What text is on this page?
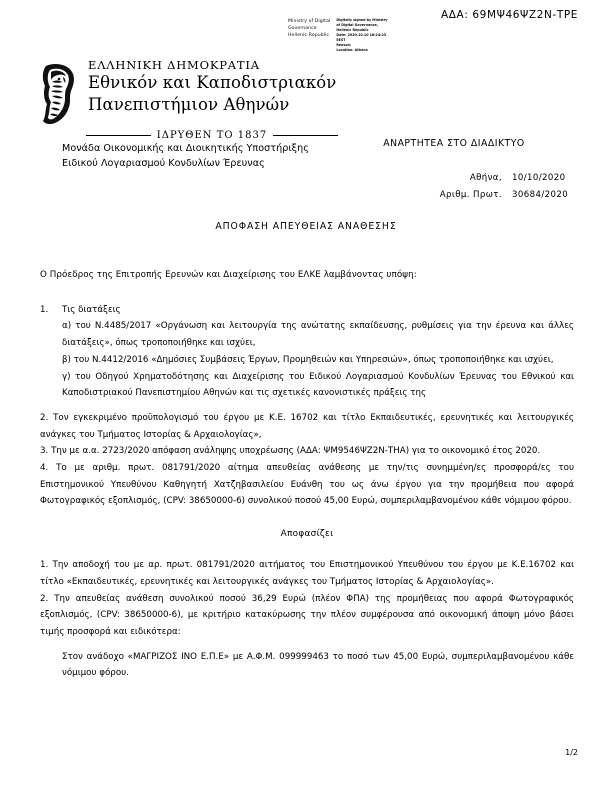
ΑΔΑ: 69ΜΨ46ΨΖ2Ν-ΤΡΕ
Ministry of Digital
Governance
Hellenic Republic
Digitally signed by Ministry
of Digital Governance,
Hellenic Republic
Date: 2020.10.10 18:24:23
EEST
Reason:
Location: Athens
ΕΛΛΗΝΙΚΗ ΔΗΜΟΚΡΑΤΙΑ
Εθνικόν και Καποδιστριακόν
Πανεπιστήμιον Αθηνών
ΙΔΡΥΘΕΝ ΤΟ 1837
Μονάδα Οικονομικής και Διοικητικής Υποστήριξης
Ειδικού Λογαριασμού Κονδυλίων Έρευνας
ΑΝΑΡΤΗΤΕΑ ΣΤΟ ΔΙΑΔΙΚΤΥΟ
Αθήνα, 10/10/2020
Αριθμ. Πρωτ. 30684/2020
ΑΠΟΦΑΣΗ ΑΠΕΥΘΕΙΑΣ ΑΝΑΘΕΣΗΣ
Ο Πρόεδρος της Επιτροπής Ερευνών και Διαχείρισης του ΕΛΚΕ λαμβάνοντας υπόψη:
1.	Τις διατάξεις
α) του Ν.4485/2017 «Οργάνωση και λειτουργία της ανώτατης εκπαίδευσης, ρυθμίσεις για την έρευνα και άλλες διατάξεις», όπως τροποποιήθηκε και ισχύει,
β) του Ν.4412/2016 «Δημόσιες Συμβάσεις Έργων, Προμηθειών και Υπηρεσιών», όπως τροποποιήθηκε και ισχύει,
γ) του Οδηγού Χρηματοδότησης και Διαχείρισης του Ειδικού Λογαριασμού Κονδυλίων Έρευνας του Εθνικού και Καποδιστριακού Πανεπιστημίου Αθηνών και τις σχετικές κανονιστικές πράξεις της
2. Τον εγκεκριμένο προϋπολογισμό του έργου με Κ.Ε. 16702 και τίτλο Εκπαιδευτικές, ερευνητικές και λειτουργικές ανάγκες του Τμήματος Ιστορίας & Αρχαιολογίας»,
3. Την με α.α. 2723/2020 απόφαση ανάληψης υποχρέωσης (ΑΔΑ: ΨΜ9546ΨΖ2Ν-ΤΗΑ) για το οικονομικό έτος 2020.
4. Το με αριθμ. πρωτ. 081791/2020 αίτημα απευθείας ανάθεσης με την/τις συνημμένη/ες προσφορά/ες του Επιστημονικού Υπευθύνου Καθηγητή Χατζηβασιλείου Ευάνθη του ως άνω έργου για την προμήθεια που αφορά Φωτογραφικός εξοπλισμός, (CPV: 38650000-6) συνολικού ποσού 45,00 Ευρώ, συμπεριλαμβανομένου κάθε νόμιμου φόρου.
Αποφασίζει
1. Την αποδοχή του με αρ. πρωτ. 081791/2020 αιτήματος του Επιστημονικού Υπευθύνου του έργου με Κ.Ε.16702 και τίτλο «Εκπαιδευτικές, ερευνητικές και λειτουργικές ανάγκες του Τμήματος Ιστορίας & Αρχαιολογίας».
2. Την απευθείας ανάθεση συνολικού ποσού 36,29 Ευρώ (πλέον ΦΠΑ) της προμήθειας που αφορά Φωτογραφικός εξοπλισμός, (CPV: 38650000-6), με κριτήριο κατακύρωσης την πλέον συμφέρουσα από οικονομική άποψη μόνο βάσει τιμής προσφορά και ειδικότερα:
Στον ανάδοχο «ΜΑΓΡΙΖΟΣ ΙΝΟ Ε.Π.Ε» με Α.Φ.Μ. 099999463 το ποσό των 45,00 Ευρώ, συμπεριλαμβανομένου κάθε νόμιμου φόρου.
1/2
